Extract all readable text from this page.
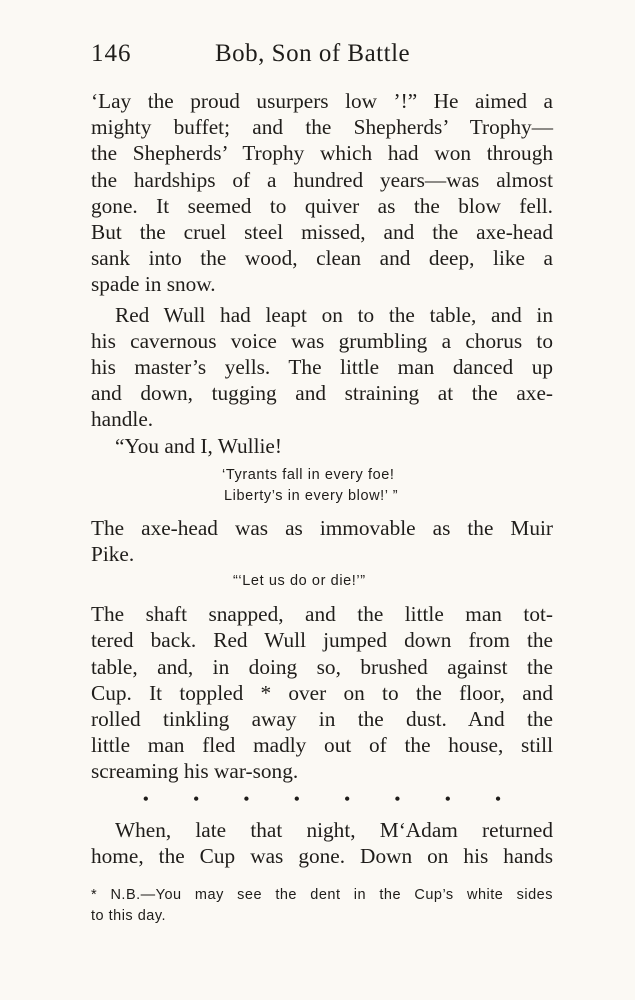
146	Bob, Son of Battle

‘Lay the proud usurpers low ’!” He aimed a
mighty buffet; and the Shepherds’ Trophy—
the Shepherds’ Trophy which had won through
the hardships of a hundred years—was almost
gone. It seemed to quiver as the blow fell.
But the cruel steel missed, and the axe-head
sank into the wood, clean and deep, like a
spade in snow.

Red Wull had leapt on to the table, and in
his cavernous voice was grumbling a chorus to
his master’s yells. The little man danced up
and down, tugging and straining at the axe-
handle.

“You and I, Wullie!

‘Tyrants fall in every foe!
Liberty’s in every blow!’ ”

The axe-head was as immovable as the Muir
Pike.

“‘Let us do or die!’”

The shaft snapped, and the little man tot-
tered back. Red Wull jumped down from the
table, and, in doing so, brushed against the
Cup. It toppled * over on to the floor, and
rolled tinkling away in the dust. And the
little man fled madly out of the house, still
screaming his war-song.

•	•	•	•	•	•	•	•

When, late that night, M‘Adam returned
home, the Cup was gone. Down on his hands

* N.B.—You may see the dent in the Cup’s white sides
to this day.
